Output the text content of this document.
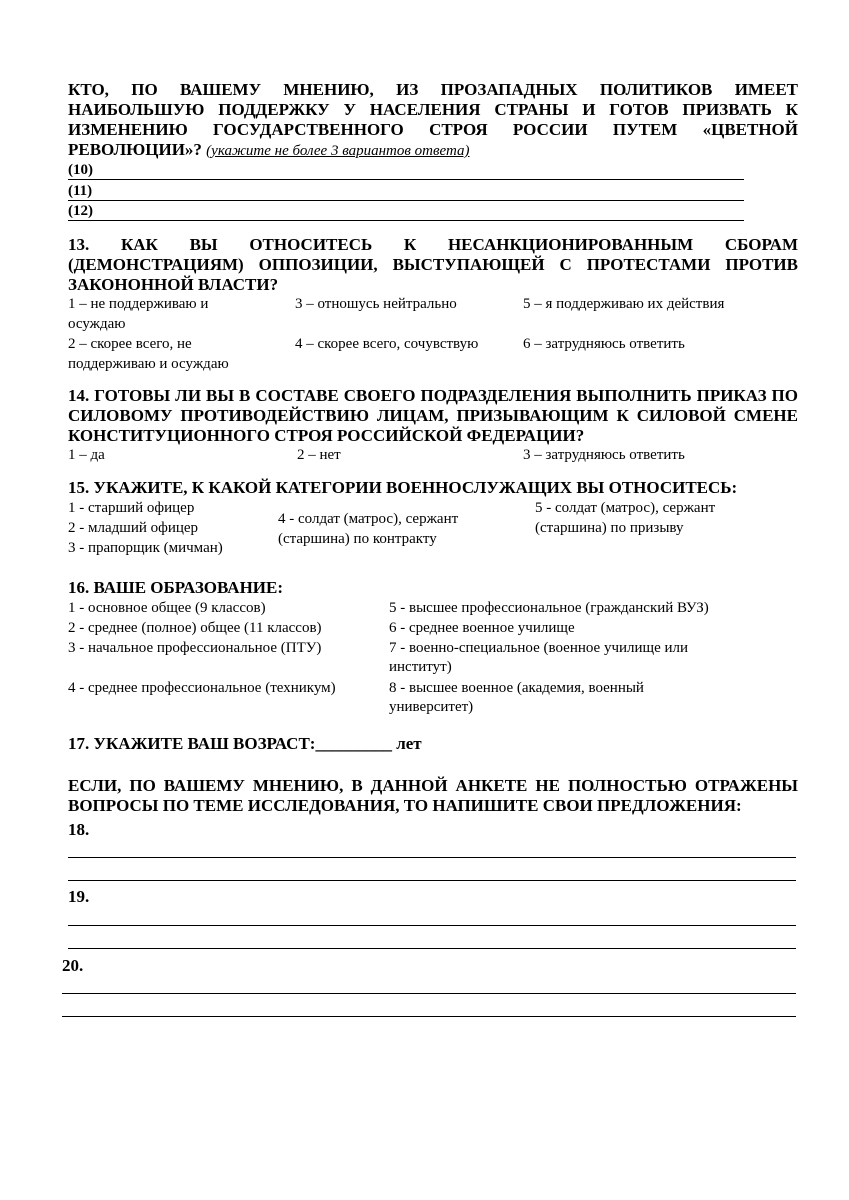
КТО, ПО ВАШЕМУ МНЕНИЮ, ИЗ ПРОЗАПАДНЫХ ПОЛИТИКОВ ИМЕЕТ
НАИБОЛЬШУЮ ПОДДЕРЖКУ У НАСЕЛЕНИЯ СТРАНЫ И ГОТОВ ПРИЗВАТЬ К
ИЗМЕНЕНИЮ ГОСУДАРСТВЕННОГО СТРОЯ РОССИИ ПУТЕМ «ЦВЕТНОЙ
РЕВОЛЮЦИИ»? (укажите не более 3 вариантов ответа)
(10)
(11)
(12)
13. КАК ВЫ ОТНОСИТЕСЬ К НЕСАНКЦИОНИРОВАННЫМ СБОРАМ
(ДЕМОНСТРАЦИЯМ) ОППОЗИЦИИ, ВЫСТУПАЮЩЕЙ С ПРОТЕСТАМИ ПРОТИВ
ЗАКОНОННОЙ ВЛАСТИ?
1 – не поддерживаю и
осуждаю
3 – отношусь нейтрально	5 – я поддерживаю их действия
2 – скорее всего, не
поддерживаю и осуждаю
4 – скорее всего, сочувствую	6 – затрудняюсь ответить
14. ГОТОВЫ ЛИ ВЫ В СОСТАВЕ СВОЕГО ПОДРАЗДЕЛЕНИЯ ВЫПОЛНИТЬ ПРИКАЗ ПО
СИЛОВОМУ ПРОТИВОДЕЙСТВИЮ ЛИЦАМ, ПРИЗЫВАЮЩИМ К СИЛОВОЙ СМЕНЕ
КОНСТИТУЦИОННОГО СТРОЯ РОССИЙСКОЙ ФЕДЕРАЦИИ?
1 – да	2 – нет	3 – затрудняюсь ответить
15. УКАЖИТЕ, К КАКОЙ КАТЕГОРИИ ВОЕННОСЛУЖАЩИХ ВЫ ОТНОСИТЕСЬ:
1 - старший офицер
2 - младший офицер
3 - прапорщик (мичман)
4 - солдат (матрос), сержант
(старшина) по контракту
5 - солдат (матрос), сержант
(старшина) по призыву
16. ВАШЕ ОБРАЗОВАНИЕ:
1 - основное общее (9 классов)
2 - среднее (полное) общее (11 классов)
3 - начальное профессиональное (ПТУ)
4 - среднее профессиональное (техникум)
5 - высшее профессиональное (гражданский ВУЗ)
6 - среднее военное училище
7 - военно-специальное (военное училище или
институт)
8 - высшее военное (академия, военный
университет)
17. УКАЖИТЕ ВАШ ВОЗРАСТ:_________ лет
ЕСЛИ, ПО ВАШЕМУ МНЕНИЮ, В ДАННОЙ АНКЕТЕ НЕ ПОЛНОСТЬЮ ОТРАЖЕНЫ
ВОПРОСЫ ПО ТЕМЕ ИССЛЕДОВАНИЯ, ТО НАПИШИТЕ СВОИ ПРЕДЛОЖЕНИЯ:
18.
19.
20.
